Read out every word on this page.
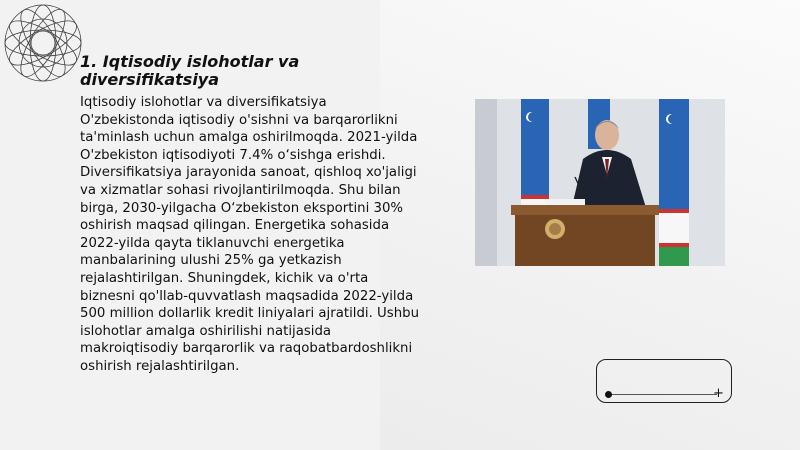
1. Iqtisodiy islohotlar va diversifikatsiya

Iqtisodiy islohotlar va diversifikatsiya O'zbekistonda iqtisodiy o'sishni va barqarorlikni ta'minlash uchun amalga oshirilmoqda. 2021-yilda O'zbekiston iqtisodiyoti 7.4% o‘sishga erishdi. Diversifikatsiya jarayonida sanoat, qishloq xo'jaligi va xizmatlar sohasi rivojlantirilmoqda. Shu bilan birga, 2030-yilgacha O‘zbekiston eksportini 30% oshirish maqsad qilingan. Energetika sohasida 2022-yilda qayta tiklanuvchi energetika manbalarining ulushi 25% ga yetkazish rejalashtirilgan. Shuningdek, kichik va o'rta biznesni qo'llab-quvvatlash maqsadida 2022-yilda 500 million dollarlik kredit liniyalari ajratildi. Ushbu islohotlar amalga oshirilishi natijasida makroiqtisodiy barqarorlik va raqobatbardoshlikni oshirish rejalashtirilgan.

+
